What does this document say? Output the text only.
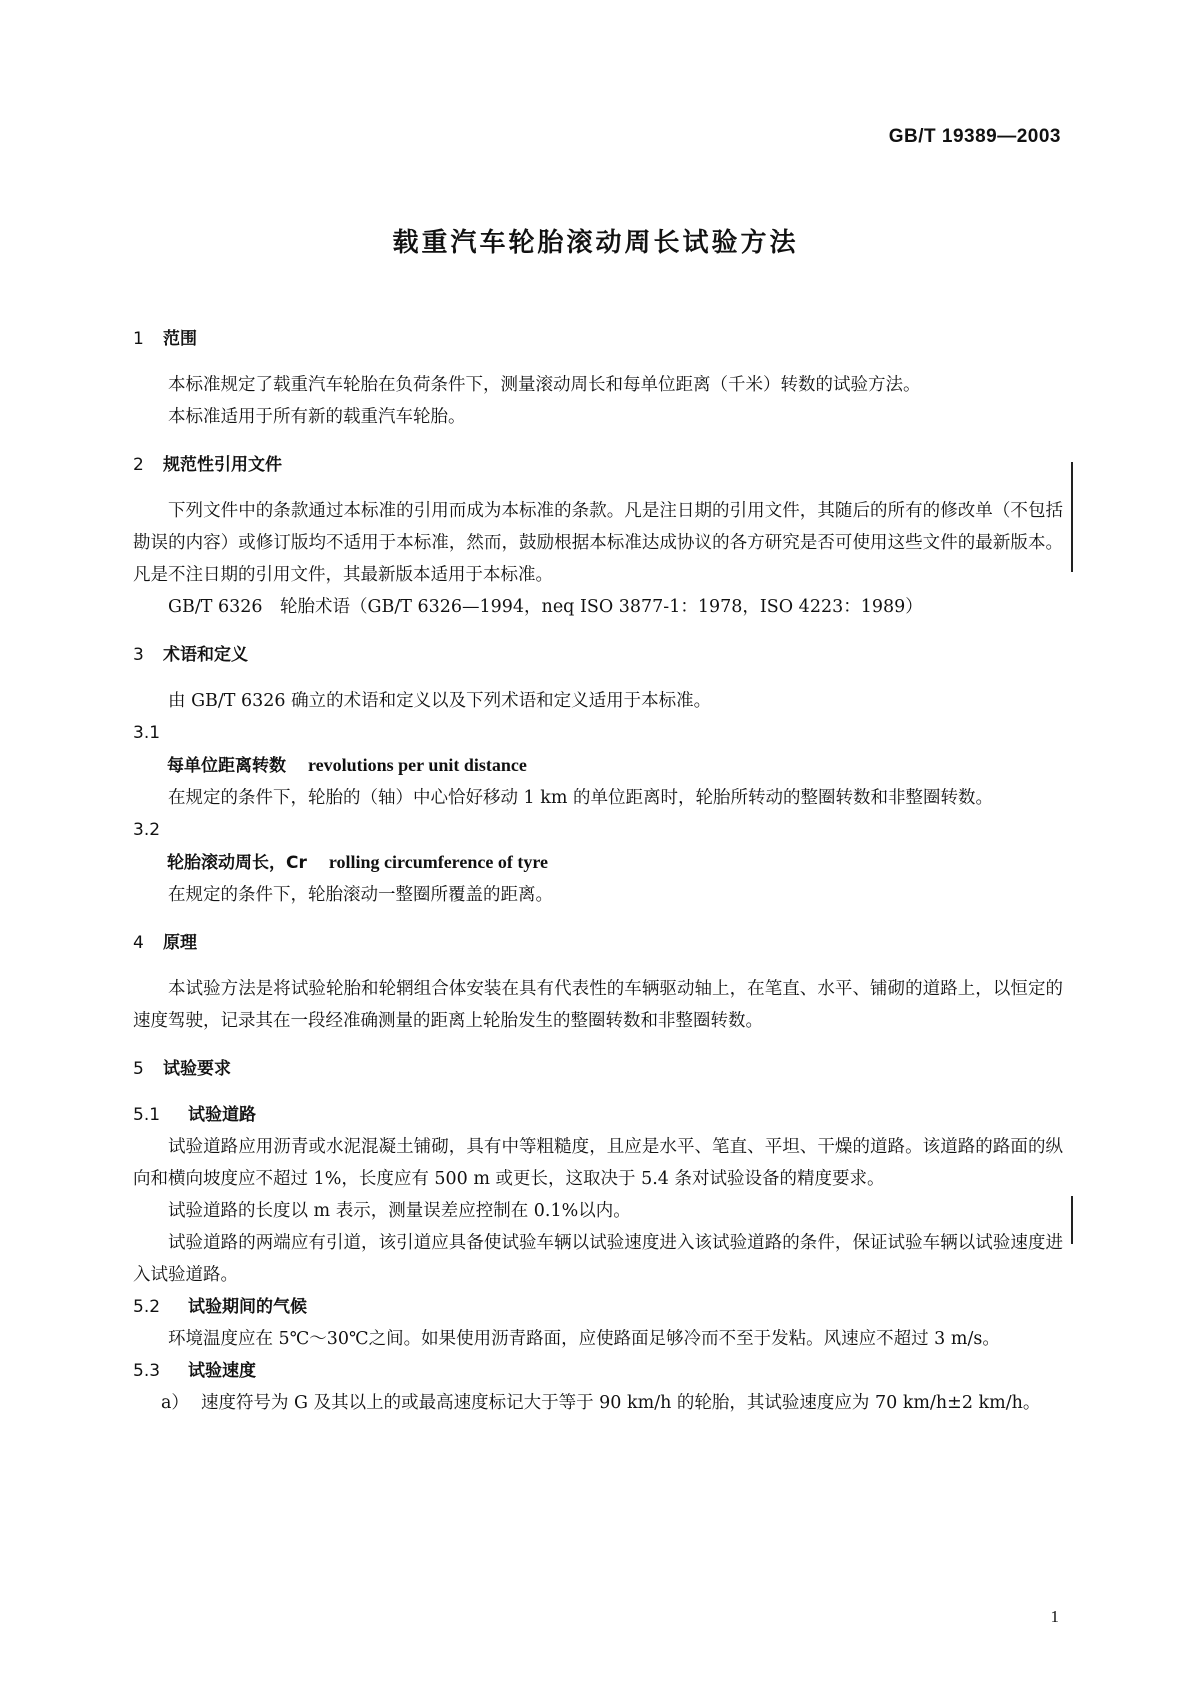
GB/T 19389—2003
载重汽车轮胎滚动周长试验方法
1 范围

本标准规定了载重汽车轮胎在负荷条件下，测量滚动周长和每单位距离（千米）转数的试验方法。

本标准适用于所有新的载重汽车轮胎。

2 规范性引用文件

下列文件中的条款通过本标准的引用而成为本标准的条款。凡是注日期的引用文件，其随后的所有的修改单（不包括勘误的内容）或修订版均不适用于本标准，然而，鼓励根据本标准达成协议的各方研究是否可使用这些文件的最新版本。凡是不注日期的引用文件，其最新版本适用于本标准。

GB/T 6326　轮胎术语（GB/T 6326—1994，neq ISO 3877-1：1978，ISO 4223：1989）

3 术语和定义

由 GB/T 6326 确立的术语和定义以及下列术语和定义适用于本标准。

3.1

每单位距离转数 revolutions per unit distance

在规定的条件下，轮胎的（轴）中心恰好移动 1 km 的单位距离时，轮胎所转动的整圈转数和非整圈转数。

3.2

轮胎滚动周长，Cr rolling circumference of tyre

在规定的条件下，轮胎滚动一整圈所覆盖的距离。

4 原理

本试验方法是将试验轮胎和轮辋组合体安装在具有代表性的车辆驱动轴上，在笔直、水平、铺砌的道路上，以恒定的速度驾驶，记录其在一段经准确测量的距离上轮胎发生的整圈转数和非整圈转数。

5 试验要求
5.1 试验道路

试验道路应用沥青或水泥混凝土铺砌，具有中等粗糙度，且应是水平、笔直、平坦、干燥的道路。该道路的路面的纵向和横向坡度应不超过 1%，长度应有 500 m 或更长，这取决于 5.4 条对试验设备的精度要求。

试验道路的长度以 m 表示，测量误差应控制在 0.1%以内。

试验道路的两端应有引道，该引道应具备使试验车辆以试验速度进入该试验道路的条件，保证试验车辆以试验速度进入试验道路。

5.2 试验期间的气候

环境温度应在 5℃～30℃之间。如果使用沥青路面，应使路面足够冷而不至于发粘。风速应不超过 3 m/s。

5.3 试验速度

a） 速度符号为 G 及其以上的或最高速度标记大于等于 90 km/h 的轮胎，其试验速度应为 70 km/h±2 km/h。

1
